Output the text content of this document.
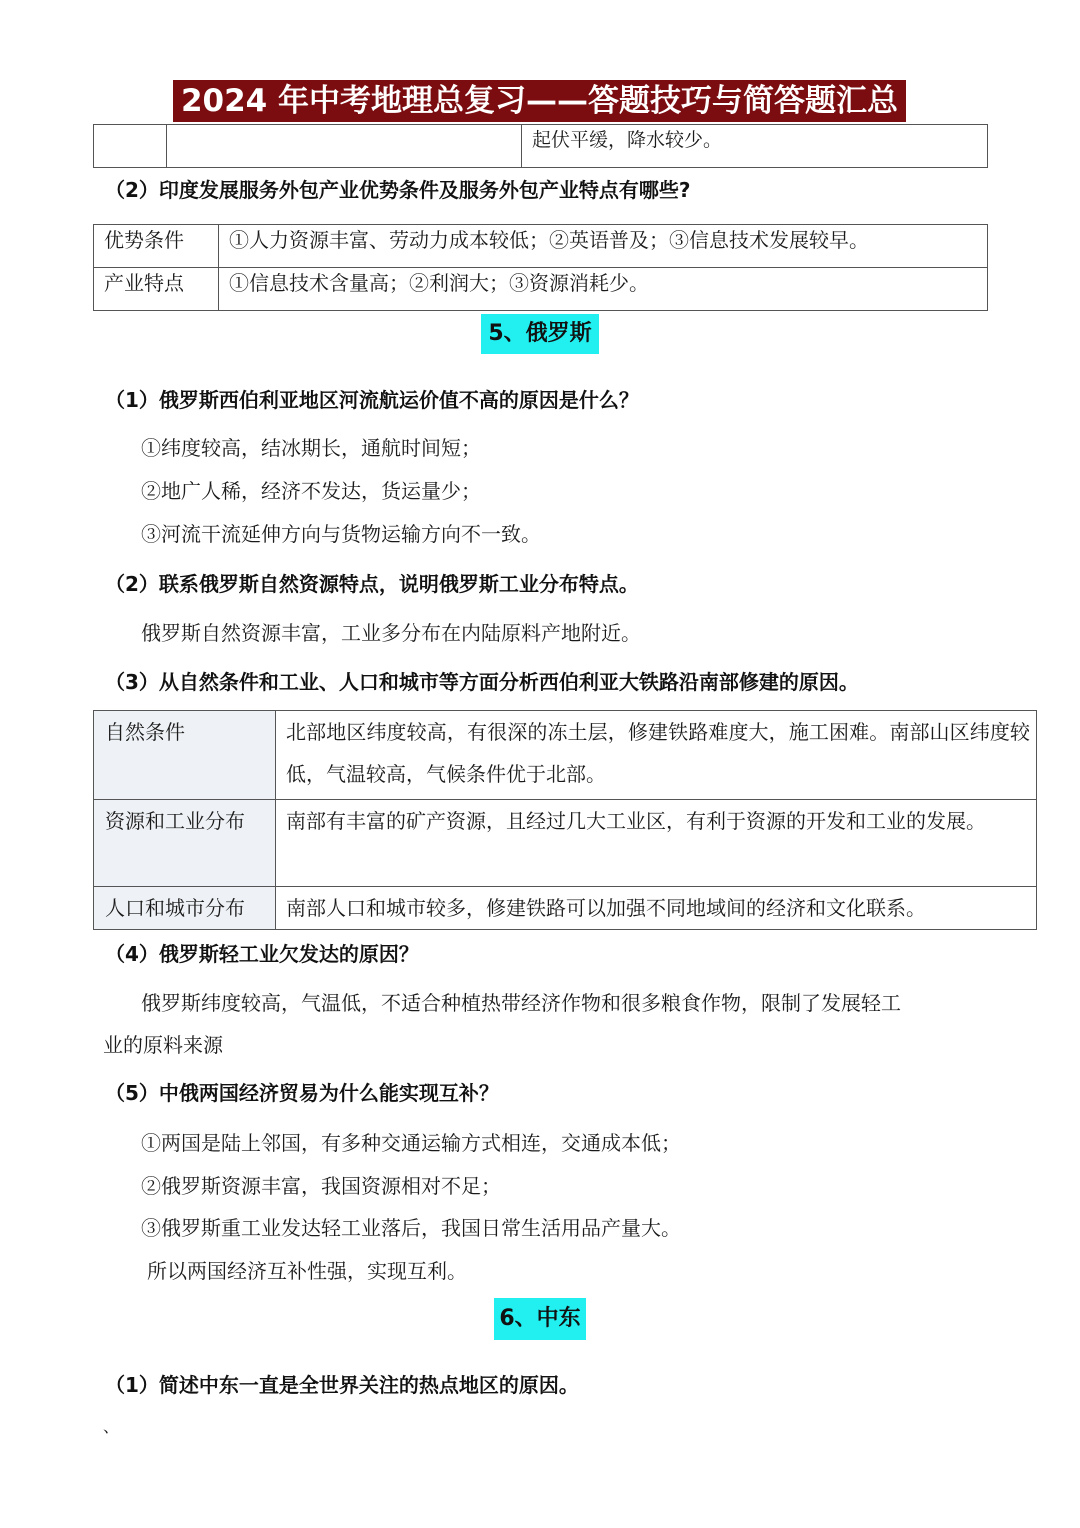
2024 年中考地理总复习——答题技巧与简答题汇总
		起伏平缓，降水较少。
（2）印度发展服务外包产业优势条件及服务外包产业特点有哪些?
优势条件	①人力资源丰富、劳动力成本较低；②英语普及；③信息技术发展较早。
产业特点	①信息技术含量高；②利润大；③资源消耗少。
5、俄罗斯
（1）俄罗斯西伯利亚地区河流航运价值不高的原因是什么？
①纬度较高，结冰期长，通航时间短；
②地广人稀，经济不发达，货运量少；
③河流干流延伸方向与货物运输方向不一致。
（2）联系俄罗斯自然资源特点，说明俄罗斯工业分布特点。
俄罗斯自然资源丰富，工业多分布在内陆原料产地附近。
（3）从自然条件和工业、人口和城市等方面分析西伯利亚大铁路沿南部修建的原因。
自然条件	北部地区纬度较高，有很深的冻土层，修建铁路难度大，施工困难。南部山区纬度较低，气温较高，气候条件优于北部。
资源和工业分布	南部有丰富的矿产资源，且经过几大工业区，有利于资源的开发和工业的发展。
人口和城市分布	南部人口和城市较多，修建铁路可以加强不同地域间的经济和文化联系。
（4）俄罗斯轻工业欠发达的原因？
俄罗斯纬度较高，气温低，不适合种植热带经济作物和很多粮食作物，限制了发展轻工
业的原料来源
（5）中俄两国经济贸易为什么能实现互补？
①两国是陆上邻国，有多种交通运输方式相连，交通成本低；
②俄罗斯资源丰富，我国资源相对不足；
③俄罗斯重工业发达轻工业落后，我国日常生活用品产量大。
所以两国经济互补性强，实现互利。
6、中东
（1）简述中东一直是全世界关注的热点地区的原因。
、
